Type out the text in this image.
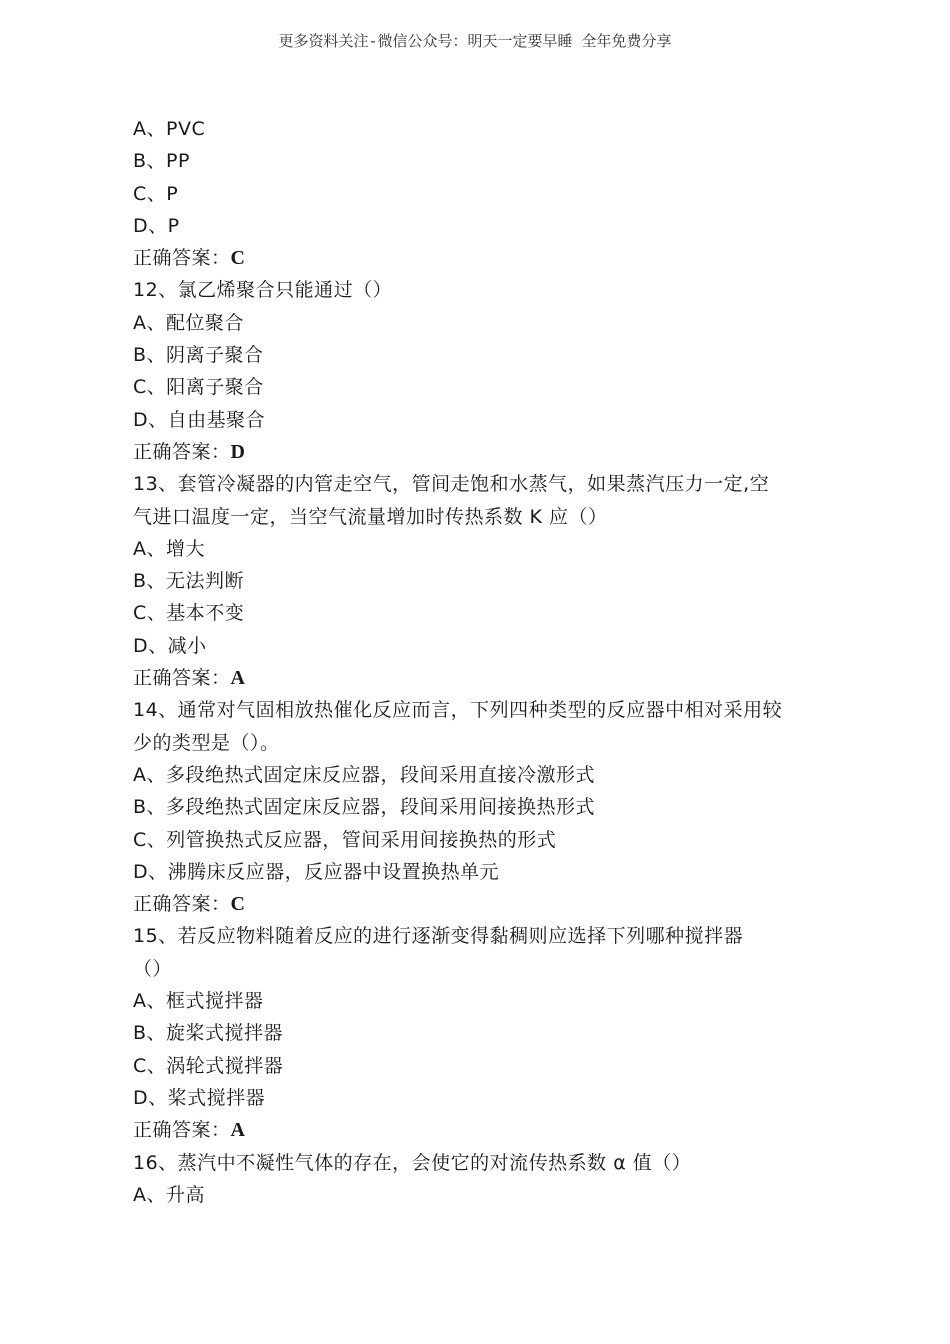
更多资料关注-微信公众号：明天一定要早睡 全年免费分享
A、PVC
B、PP
C、P
D、P
正确答案：C
12、氯乙烯聚合只能通过（）
A、配位聚合
B、阴离子聚合
C、阳离子聚合
D、自由基聚合
正确答案：D
13、套管冷凝器的内管走空气，管间走饱和水蒸气，如果蒸汽压力一定,空
气进口温度一定，当空气流量增加时传热系数 K 应（）
A、增大
B、无法判断
C、基本不变
D、减小
正确答案：A
14、通常对气固相放热催化反应而言，下列四种类型的反应器中相对采用较
少的类型是（）。
A、多段绝热式固定床反应器，段间采用直接冷激形式
B、多段绝热式固定床反应器，段间采用间接换热形式
C、列管换热式反应器，管间采用间接换热的形式
D、沸腾床反应器，反应器中设置换热单元
正确答案：C
15、若反应物料随着反应的进行逐渐变得黏稠则应选择下列哪种搅拌器
（）
A、框式搅拌器
B、旋桨式搅拌器
C、涡轮式搅拌器
D、桨式搅拌器
正确答案：A
16、蒸汽中不凝性气体的存在，会使它的对流传热系数 α 值（）
A、升高
